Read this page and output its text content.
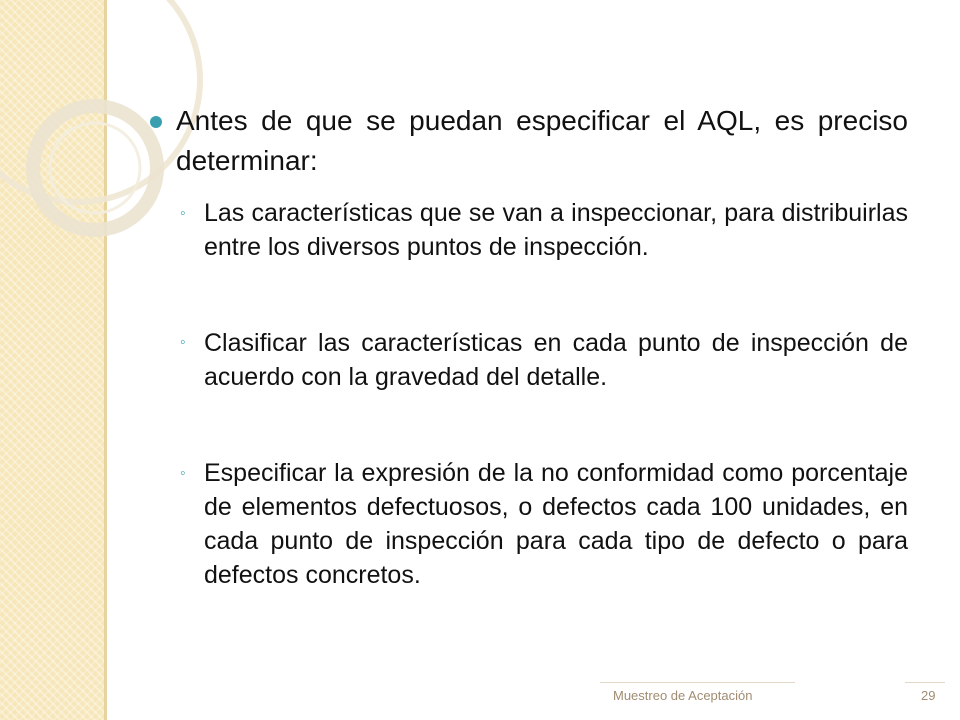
Antes de que se puedan especificar el AQL, es preciso determinar:
◦ Las características que se van a inspeccionar, para distribuirlas entre los diversos puntos de inspección.
◦ Clasificar las características en cada punto de inspección de acuerdo con la gravedad del detalle.
◦ Especificar la expresión de la no conformidad como porcentaje de elementos defectuosos, o defectos cada 100 unidades, en cada punto de inspección para cada tipo de defecto o para defectos concretos.
Muestreo de Aceptación	29
